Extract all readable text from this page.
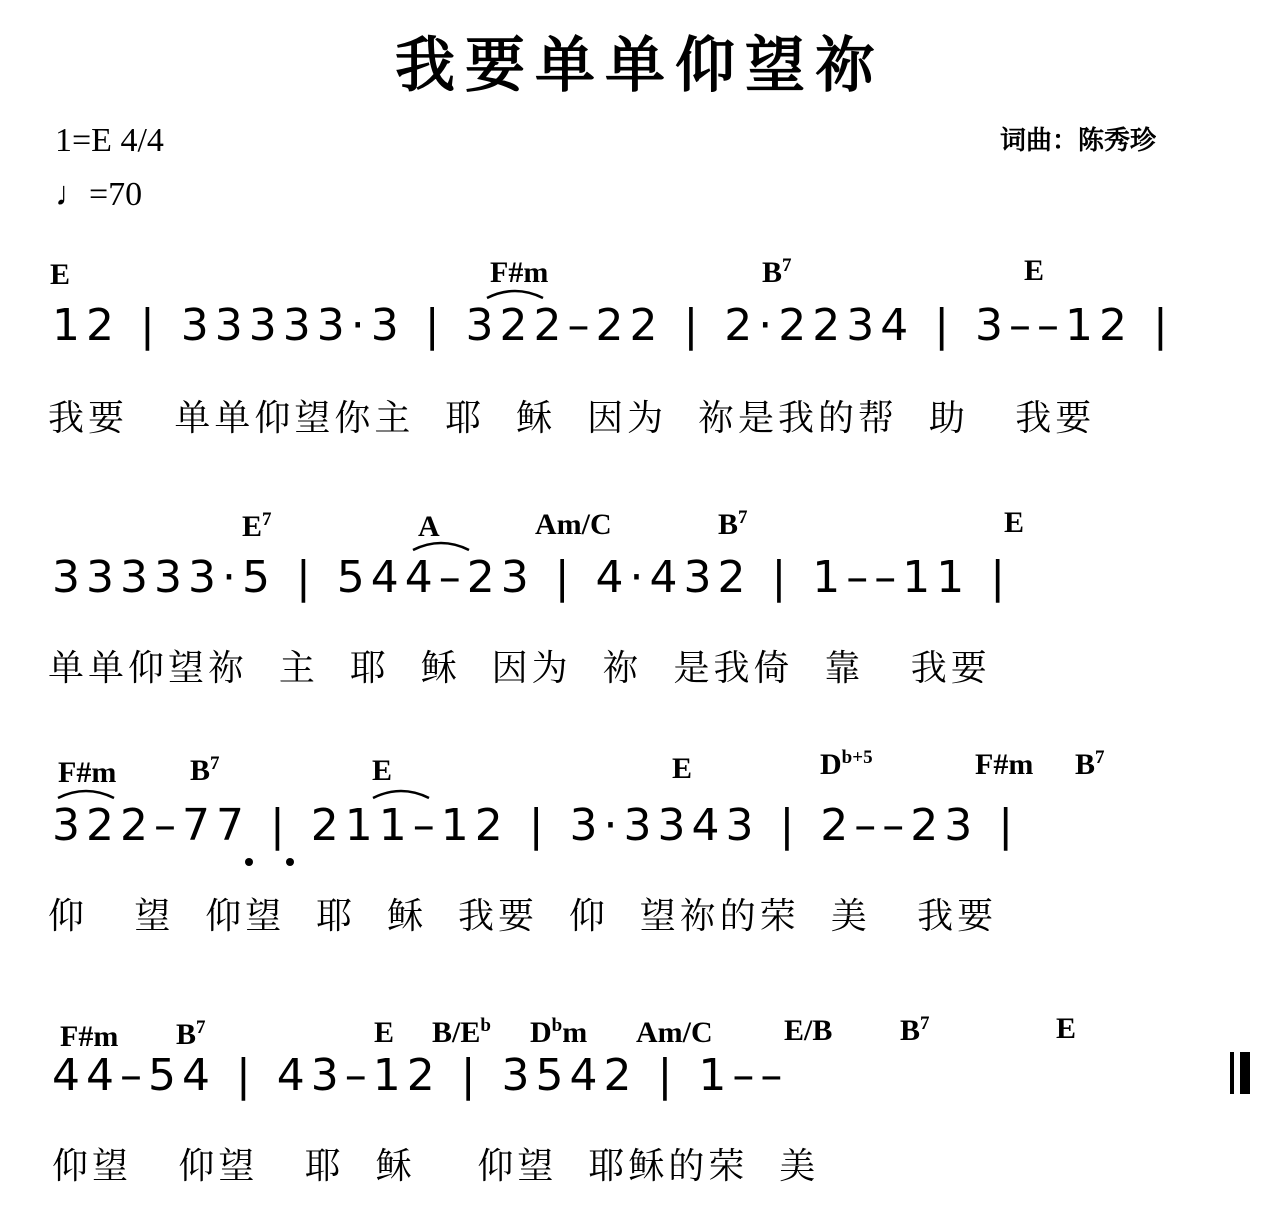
我要单单仰望祢
1=E 4/4
♩=70
词曲：陈秀珍
E	F#m	$B^7$	E
12 | 33333·3 | 322–22 | 2·2234 | 3––12 |
我要 单单仰望你主 耶 稣 因为 祢是我的帮 助 我要
$E^7$	A	Am/C	$B^7$	E
33333·5 | 544–23 | 4·432 | 1––11 |
单单仰望祢 主 耶 稣 因为 祢 是我倚 靠 我要
F#m $B^7$	E	E	$D^{b+5}$	F#m $B^7$
322–77 | 211–12 | 3·3343 | 2––23 |
仰 望 仰望 耶 稣 我要 仰 望祢的荣 美 我要
F#m $B^7$	E $B/E^b$ $D^bm$ Am/C E/B $B^7$	E
44–54 | 43–12 | 3542 | 1––
仰望 仰望 耶 稣 仰望 耶稣的荣 美
